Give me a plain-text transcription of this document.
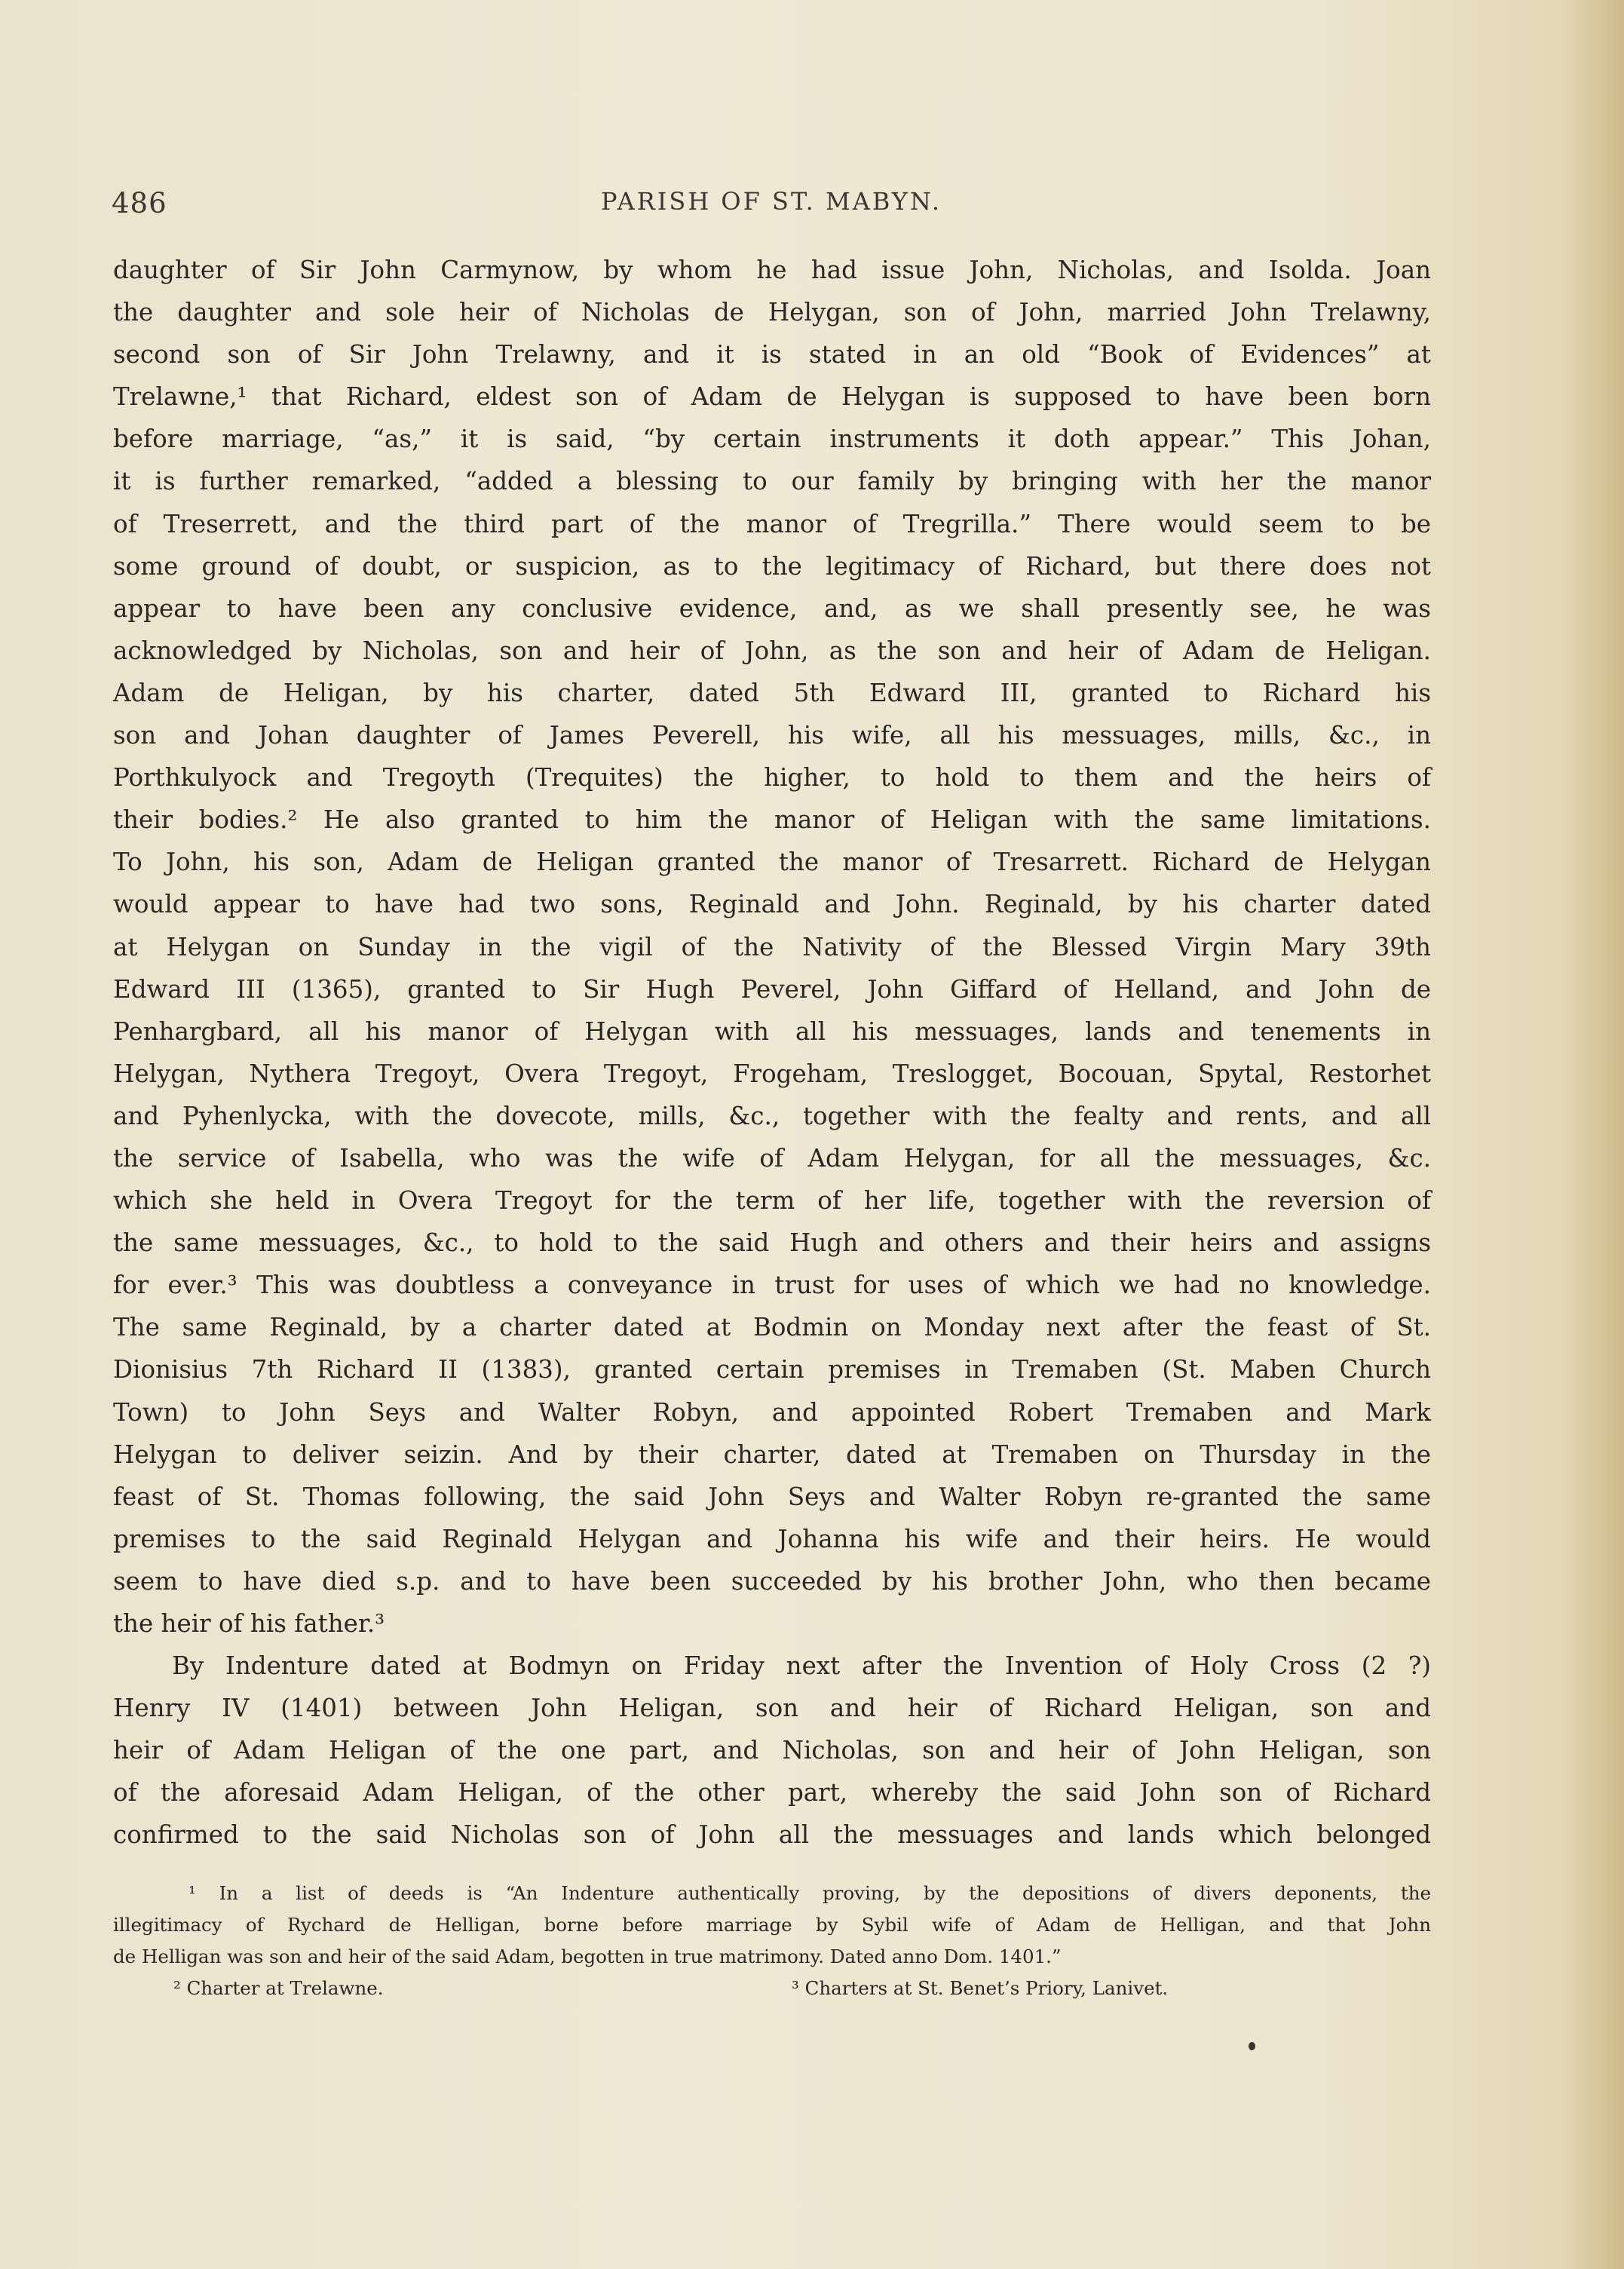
486	PARISH OF ST. MABYN.
daughter of Sir John Carmynow, by whom he had issue John, Nicholas, and Isolda. Joan
the daughter and sole heir of Nicholas de Helygan, son of John, married John Trelawny,
second son of Sir John Trelawny, and it is stated in an old “Book of Evidences” at
Trelawne,¹ that Richard, eldest son of Adam de Helygan is supposed to have been born
before marriage, “as,” it is said, “by certain instruments it doth appear.” This Johan,
it is further remarked, “added a blessing to our family by bringing with her the manor
of Treserrett, and the third part of the manor of Tregrilla.” There would seem to be
some ground of doubt, or suspicion, as to the legitimacy of Richard, but there does not
appear to have been any conclusive evidence, and, as we shall presently see, he was
acknowledged by Nicholas, son and heir of John, as the son and heir of Adam de Heligan.
Adam de Heligan, by his charter, dated 5th Edward III, granted to Richard his
son and Johan daughter of James Peverell, his wife, all his messuages, mills, &c., in
Porthkulyock and Tregoyth (Trequites) the higher, to hold to them and the heirs of
their bodies.² He also granted to him the manor of Heligan with the same limitations.
To John, his son, Adam de Heligan granted the manor of Tresarrett. Richard de Helygan
would appear to have had two sons, Reginald and John. Reginald, by his charter dated
at Helygan on Sunday in the vigil of the Nativity of the Blessed Virgin Mary 39th
Edward III (1365), granted to Sir Hugh Peverel, John Giffard of Helland, and John de
Penhargbard, all his manor of Helygan with all his messuages, lands and tenements in
Helygan, Nythera Tregoyt, Overa Tregoyt, Frogeham, Treslogget, Bocouan, Spytal, Restorhet
and Pyhenlycka, with the dovecote, mills, &c., together with the fealty and rents, and all
the service of Isabella, who was the wife of Adam Helygan, for all the messuages, &c.
which she held in Overa Tregoyt for the term of her life, together with the reversion of
the same messuages, &c., to hold to the said Hugh and others and their heirs and assigns
for ever.³ This was doubtless a conveyance in trust for uses of which we had no knowledge.
The same Reginald, by a charter dated at Bodmin on Monday next after the feast of St.
Dionisius 7th Richard II (1383), granted certain premises in Tremaben (St. Maben Church
Town) to John Seys and Walter Robyn, and appointed Robert Tremaben and Mark
Helygan to deliver seizin. And by their charter, dated at Tremaben on Thursday in the
feast of St. Thomas following, the said John Seys and Walter Robyn re-granted the same
premises to the said Reginald Helygan and Johanna his wife and their heirs. He would
seem to have died s.p. and to have been succeeded by his brother John, who then became
the heir of his father.³
By Indenture dated at Bodmyn on Friday next after the Invention of Holy Cross (2 ?)
Henry IV (1401) between John Heligan, son and heir of Richard Heligan, son and
heir of Adam Heligan of the one part, and Nicholas, son and heir of John Heligan, son
of the aforesaid Adam Heligan, of the other part, whereby the said John son of Richard
confirmed to the said Nicholas son of John all the messuages and lands which belonged
¹ In a list of deeds is “An Indenture authentically proving, by the depositions of divers deponents, the
illegitimacy of Rychard de Helligan, borne before marriage by Sybil wife of Adam de Helligan, and that John
de Helligan was son and heir of the said Adam, begotten in true matrimony. Dated anno Dom. 1401.”
² Charter at Trelawne.	³ Charters at St. Benet’s Priory, Lanivet.
